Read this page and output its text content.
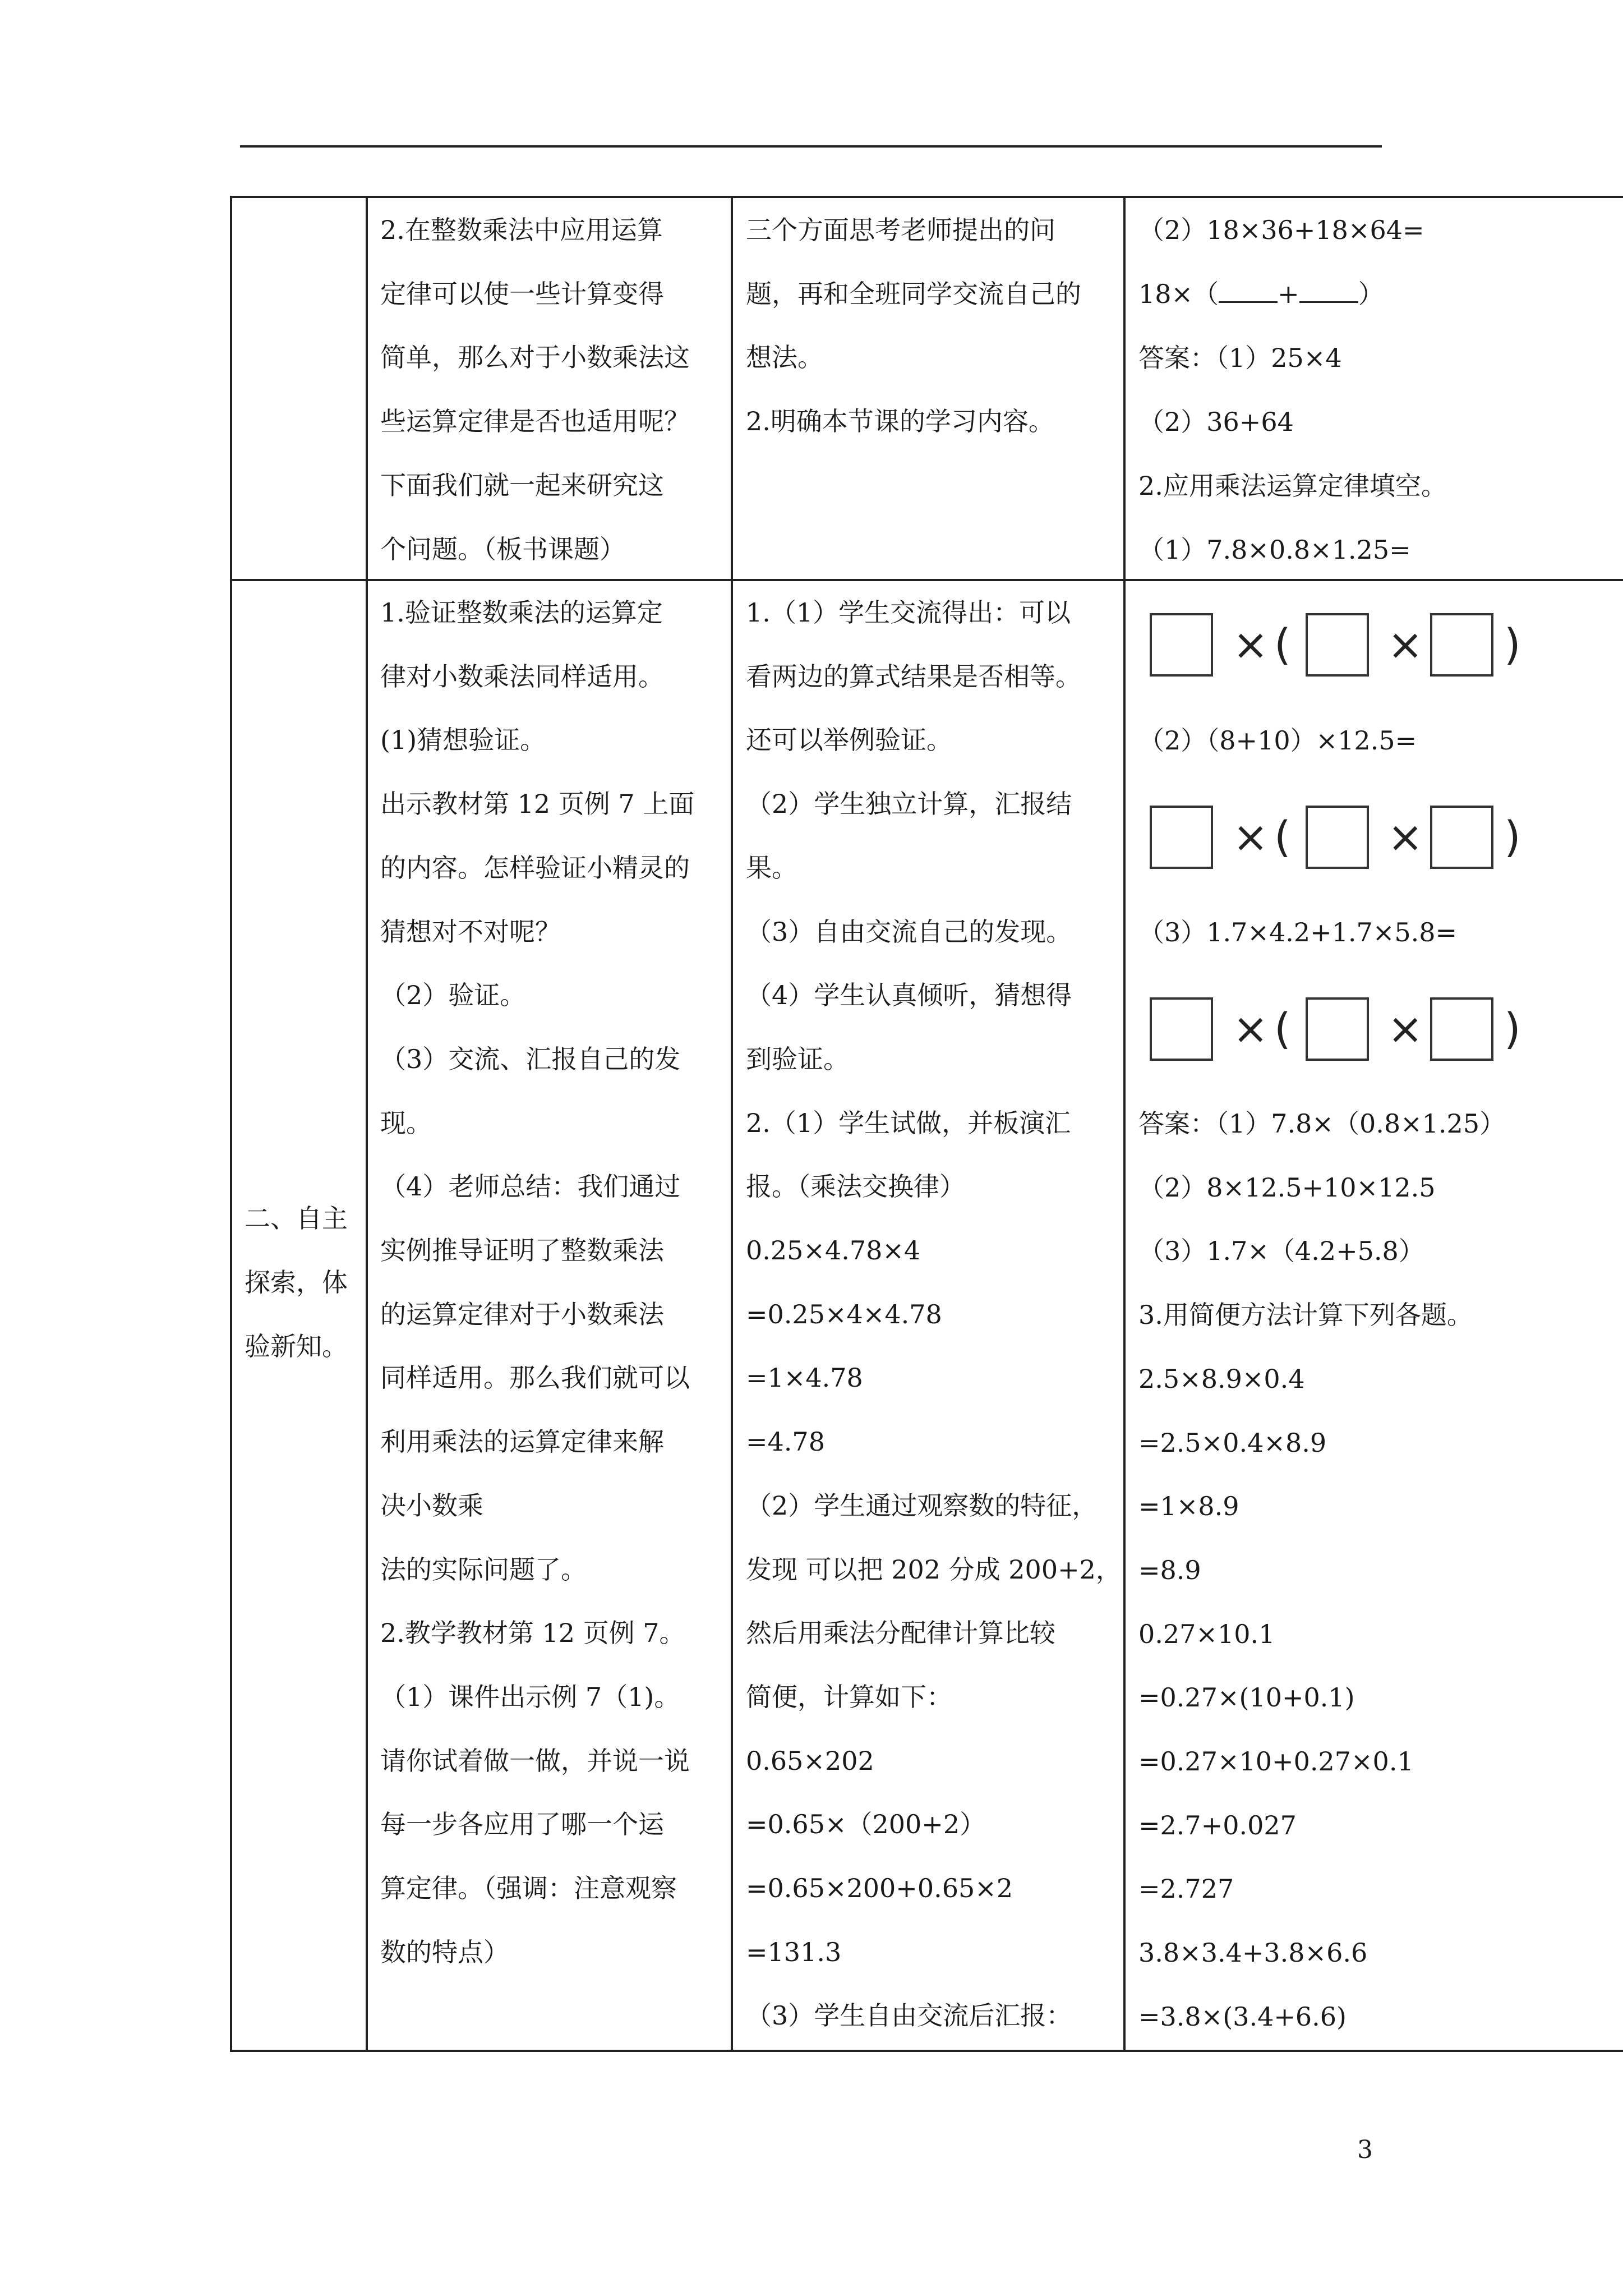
2.在整数乘法中应用运算

定律可以使一些计算变得

简单，那么对于小数乘法这

些运算定律是否也适用呢？

下面我们就一起来研究这

个问题。（板书课题）

三个方面思考老师提出的问

题，再和全班同学交流自己的

想法。

2.明确本节课的学习内容。

（2）18×36+18×64=

18×（ + ）

答案：（1）25×4

（2）36+64

2.应用乘法运算定律填空。

（1）7.8×0.8×1.25=

二、自主

探索，体

验新知。

1.验证整数乘法的运算定

律对小数乘法同样适用。

(1)猜想验证。

出示教材第 12 页例 7 上面

的内容。怎样验证小精灵的

猜想对不对呢？

（2）验证。

（3）交流、汇报自己的发

现。

（4）老师总结：我们通过

实例推导证明了整数乘法

的运算定律对于小数乘法

同样适用。那么我们就可以

利用乘法的运算定律来解

决小数乘

法的实际问题了。

2.教学教材第 12 页例 7。

（1）课件出示例 7（1)。

请你试着做一做，并说一说

每一步各应用了哪一个运

算定律。（强调：注意观察

数的特点）

1.（1）学生交流得出：可以

看两边的算式结果是否相等。

还可以举例验证。

（2）学生独立计算，汇报结

果。

（3）自由交流自己的发现。

（4）学生认真倾听，猜想得

到验证。

2.（1）学生试做，并板演汇

报。（乘法交换律）

0.25×4.78×4

=0.25×4×4.78

=1×4.78

=4.78

（2）学生通过观察数的特征，

发现 可以把 202 分成 200+2，

然后用乘法分配律计算比较

简便，计算如下：

0.65×202

=0.65×（200+2）

=0.65×200+0.65×2

=131.3

（3）学生自由交流后汇报：

× ( × )

（2）（8+10）×12.5=

× ( × )

（3）1.7×4.2+1.7×5.8=

× ( × )

答案：（1）7.8×（0.8×1.25）

（2）8×12.5+10×12.5

（3）1.7×（4.2+5.8）

3.用简便方法计算下列各题。

2.5×8.9×0.4

=2.5×0.4×8.9

=1×8.9

=8.9

0.27×10.1

=0.27×(10+0.1)

=0.27×10+0.27×0.1

=2.7+0.027

=2.727

3.8×3.4+3.8×6.6

=3.8×(3.4+6.6)

3
